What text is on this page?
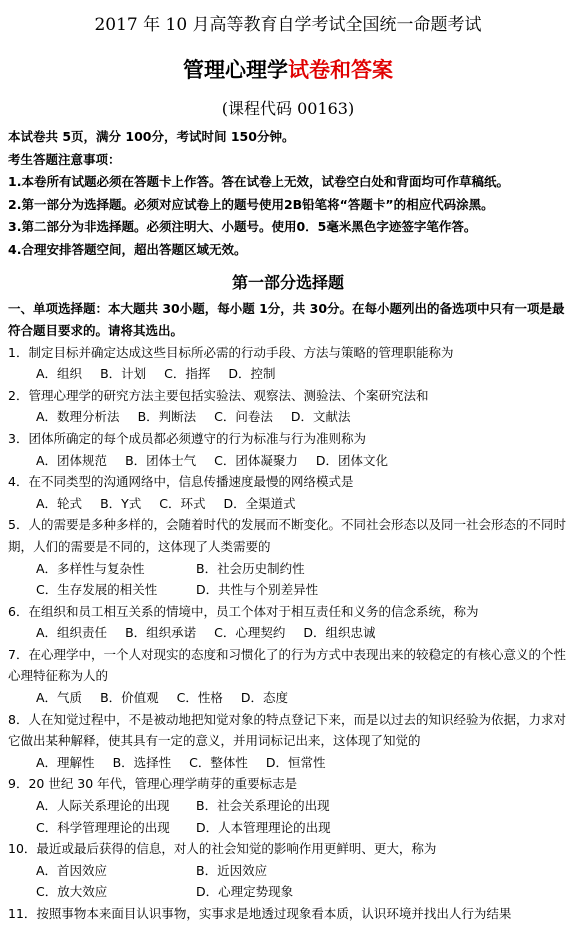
2017 年 10 月高等教育自学考试全国统一命题考试
管理心理学试卷和答案
(课程代码 00163)
本试卷共 5页，满分 100分，考试时间 150分钟。
考生答题注意事项：
1.本卷所有试题必须在答题卡上作答。答在试卷上无效，试卷空白处和背面均可作草稿纸。
2.第一部分为选择题。必须对应试卷上的题号使用2B铅笔将“答题卡”的相应代码涂黑。
3.第二部分为非选择题。必须注明大、小题号。使用0．5毫米黑色字迹签字笔作答。
4.合理安排答题空间，超出答题区域无效。
第一部分选择题
一、单项选择题：本大题共 30小题，每小题 1分，共 30分。在每小题列出的备选项中只有一项是最符合题目要求的。请将其选出。
1．制定目标并确定达成这些目标所必需的行动手段、方法与策略的管理职能称为
A．组织 B．计划 C．指挥 D．控制
2．管理心理学的研究方法主要包括实验法、观察法、测验法、个案研究法和
A．数理分析法 B．判断法 C．问卷法 D．文献法
3．团体所确定的每个成员都必须遵守的行为标准与行为准则称为
A．团体规范 B．团体士气 C．团体凝聚力 D．团体文化
4．在不同类型的沟通网络中，信息传播速度最慢的网络模式是
A．轮式 B．Y式 C．环式 D．全渠道式
5．人的需要是多种多样的，会随着时代的发展而不断变化。不同社会形态以及同一社会形态的不同时期，人们的需要是不同的，这体现了人类需要的
A．多样性与复杂性	B．社会历史制约性
C．生存发展的相关性	D．共性与个别差异性
6．在组织和员工相互关系的情境中，员工个体对于相互责任和义务的信念系统，称为
A．组织责任 B．组织承诺 C．心理契约 D．组织忠诚
7．在心理学中，一个人对现实的态度和习惯化了的行为方式中表现出来的较稳定的有核心意义的个性心理特征称为人的
A．气质 B．价值观 C．性格 D．态度
8．人在知觉过程中，不是被动地把知觉对象的特点登记下来，而是以过去的知识经验为依据，力求对它做出某种解释，使其具有一定的意义，并用词标记出来，这体现了知觉的
A．理解性 B．选择性 C．整体性 D．恒常性
9．20 世纪 30 年代，管理心理学萌芽的重要标志是
A．人际关系理论的出现 B．社会关系理论的出现
C．科学管理理论的出现 D．人本管理理论的出现
10．最近或最后获得的信息，对人的社会知觉的影响作用更鲜明、更大，称为
A．首因效应	B．近因效应
C．放大效应	D．心理定势现象
11．按照事物本来面目认识事物，实事求是地透过现象看本质，认识环境并找出人行为结果
